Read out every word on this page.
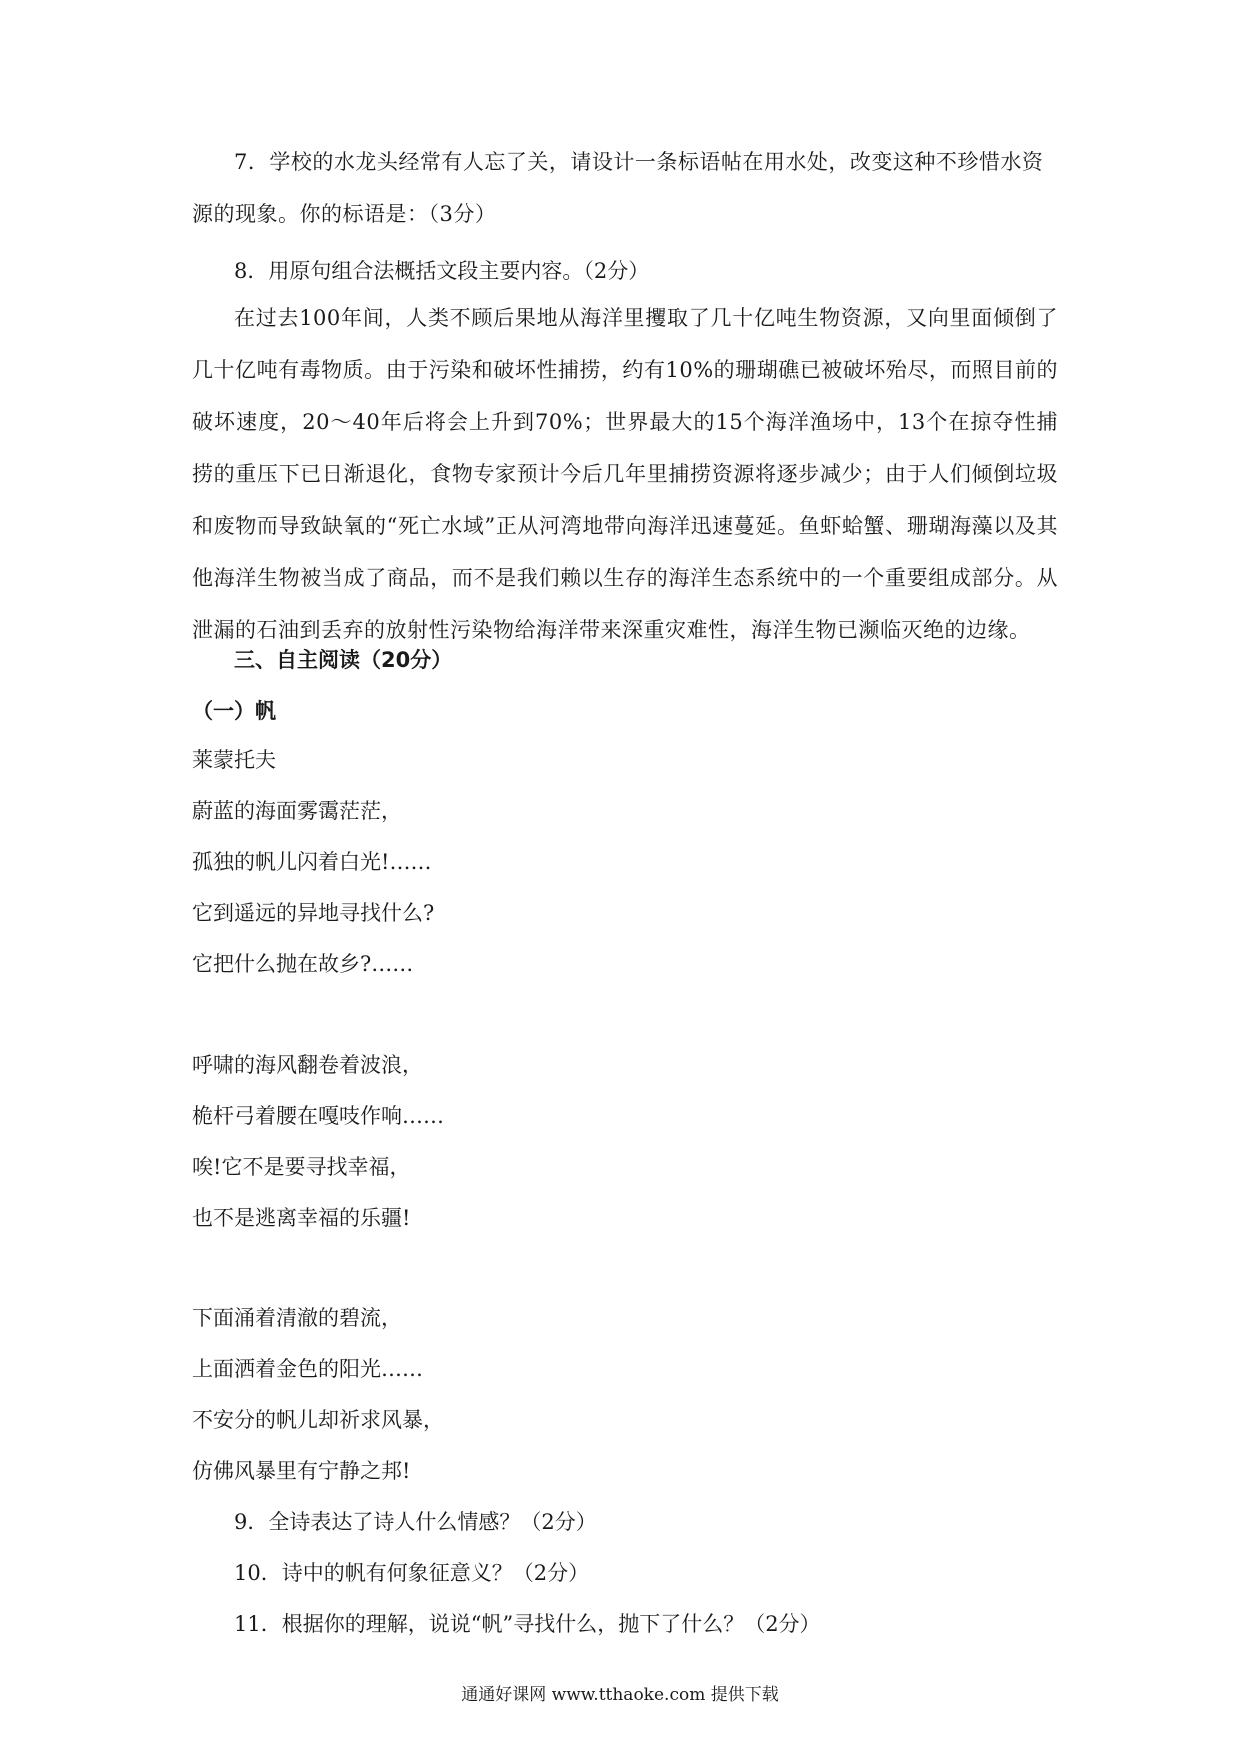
7．学校的水龙头经常有人忘了关，请设计一条标语帖在用水处，改变这种不珍惜水资源的现象。你的标语是：（3分）
8．用原句组合法概括文段主要内容。（2分）
在过去100年间，人类不顾后果地从海洋里攫取了几十亿吨生物资源，又向里面倾倒了几十亿吨有毒物质。由于污染和破坏性捕捞，约有10%的珊瑚礁已被破坏殆尽，而照目前的破坏速度，20～40年后将会上升到70%；世界最大的15个海洋渔场中，13个在掠夺性捕捞的重压下已日渐退化，食物专家预计今后几年里捕捞资源将逐步减少；由于人们倾倒垃圾和废物而导致缺氧的“死亡水域”正从河湾地带向海洋迅速蔓延。鱼虾蛤蟹、珊瑚海藻以及其他海洋生物被当成了商品，而不是我们赖以生存的海洋生态系统中的一个重要组成部分。从泄漏的石油到丢弃的放射性污染物给海洋带来深重灾难性，海洋生物已濒临灭绝的边缘。
三、自主阅读（20分）
（一）帆
莱蒙托夫
蔚蓝的海面雾霭茫茫，
孤独的帆儿闪着白光!……
它到遥远的异地寻找什么?
它把什么抛在故乡?……
呼啸的海风翻卷着波浪，
桅杆弓着腰在嘎吱作响……
唉!它不是要寻找幸福，
也不是逃离幸福的乐疆!
下面涌着清澈的碧流，
上面洒着金色的阳光……
不安分的帆儿却祈求风暴，
仿佛风暴里有宁静之邦!
9．全诗表达了诗人什么情感？（2分）
10．诗中的帆有何象征意义？（2分）
11．根据你的理解，说说“帆”寻找什么，抛下了什么？（2分）
通通好课网 www.tthaoke.com 提供下载
